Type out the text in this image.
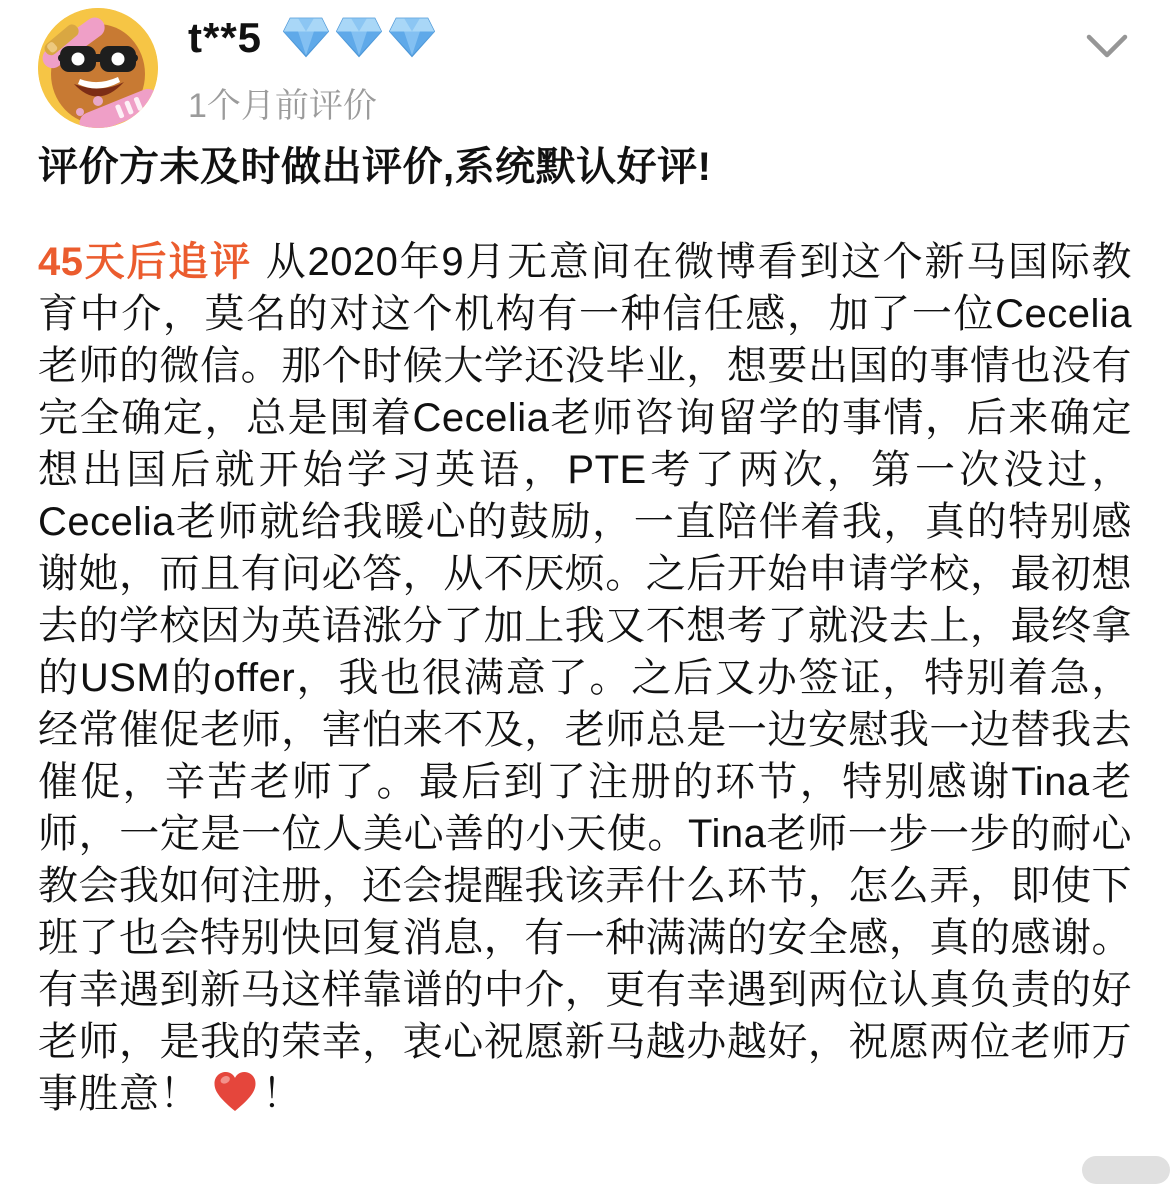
t**5
1个月前评价

评价方未及时做出评价,系统默认好评!

45天后追评 从2020年9月无意间在微博看到这个新马国际教育中介，莫名的对这个机构有一种信任感，加了一位Cecelia老师的微信。那个时候大学还没毕业，想要出国的事情也没有完全确定，总是围着Cecelia老师咨询留学的事情，后来确定想出国后就开始学习英语，PTE考了两次，第一次没过，Cecelia老师就给我暖心的鼓励，一直陪伴着我，真的特别感谢她，而且有问必答，从不厌烦。之后开始申请学校，最初想去的学校因为英语涨分了加上我又不想考了就没去上，最终拿的USM的offer，我也很满意了。之后又办签证，特别着急，经常催促老师，害怕来不及，老师总是一边安慰我一边替我去催促，辛苦老师了。最后到了注册的环节，特别感谢Tina老师，一定是一位人美心善的小天使。Tina老师一步一步的耐心教会我如何注册，还会提醒我该弄什么环节，怎么弄，即使下班了也会特别快回复消息，有一种满满的安全感，真的感谢。有幸遇到新马这样靠谱的中介，更有幸遇到两位认真负责的好老师，是我的荣幸，衷心祝愿新马越办越好，祝愿两位老师万事胜意！ ！
